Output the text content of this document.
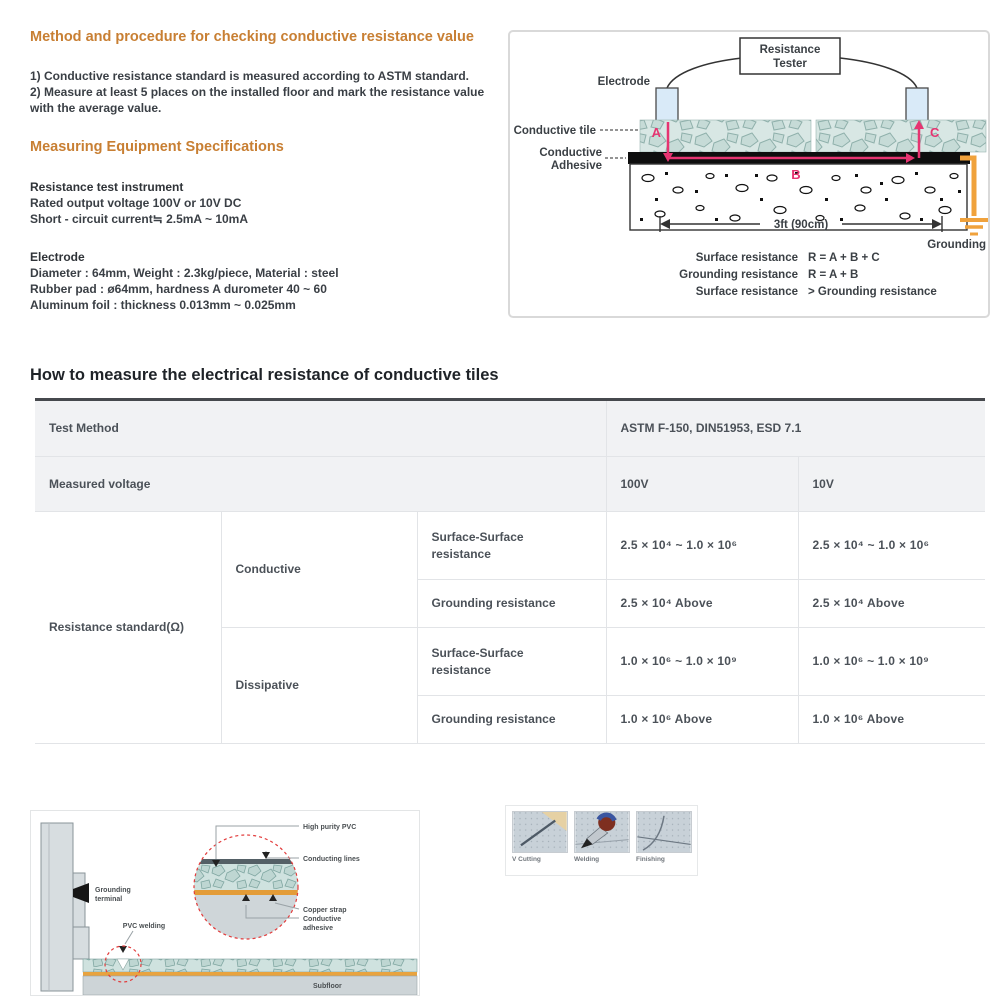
Method and procedure for checking conductive resistance value
1) Conductive resistance standard is measured according to ASTM standard.
2) Measure at least 5 places on the installed floor and mark the resistance value
with the average value.
Measuring Equipment Specifications
Resistance test instrument
Rated output voltage 100V or 10V DC
Short - circuit current≒ 2.5mA ~ 10mA
Electrode
Diameter : 64mm, Weight : 2.3kg/piece, Material : steel
Rubber pad : ø64mm, hardness A durometer 40 ~ 60
Aluminum foil : thickness 0.013mm ~ 0.025mm
Resistance
Tester
Electrode
Conductive tile
Conductive
Adhesive
A
B
C
3ft (90cm)
Grounding
Surface resistance R = A + B + C
Grounding resistance R = A + B
Surface resistance > Grounding resistance
How to measure the electrical resistance of conductive tiles
Test Method			ASTM F-150, DIN51953, ESD 7.1	
Measured voltage			100V	10V
Resistance standard(Ω)	Conductive	Surface-Surface resistance	2.5 × 10⁴ ~ 1.0 × 10⁶	2.5 × 10⁴ ~ 1.0 × 10⁶
		Grounding resistance	2.5 × 10⁴ Above	2.5 × 10⁴ Above
	Dissipative	Surface-Surface resistance	1.0 × 10⁶ ~ 1.0 × 10⁹	1.0 × 10⁶ ~ 1.0 × 10⁹
		Grounding resistance	1.0 × 10⁶ Above	1.0 × 10⁶ Above
Grounding
terminal
Subfloor
PVC welding
High purity PVC
Conducting lines
Copper strap
Conductive
adhesive
V Cutting	Welding	Finishing
